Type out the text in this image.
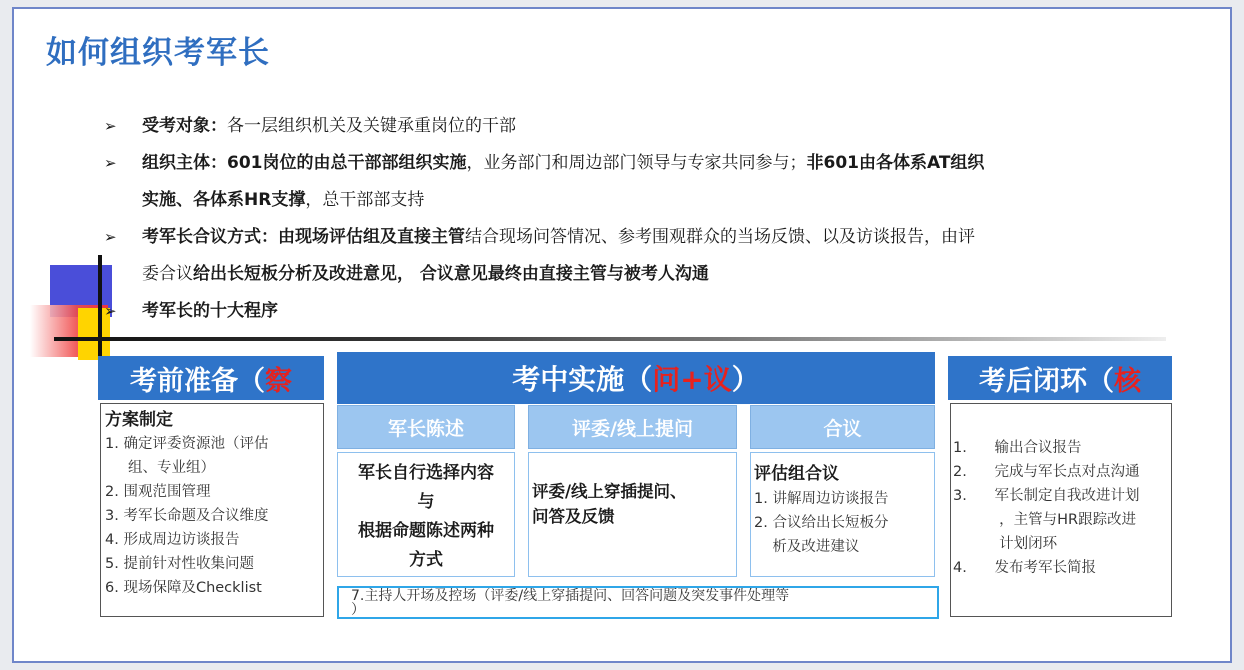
如何组织考军长
➢ 受考对象：各一层组织机关及关键承重岗位的干部
➢ 组织主体：601岗位的由总干部部组织实施，业务部门和周边部门领导与专家共同参与；非601由各体系AT组织
实施、各体系HR支撑，总干部部支持
➢ 考军长合议方式：由现场评估组及直接主管结合现场问答情况、参考围观群众的当场反馈、以及访谈报告，由评
委合议给出长短板分析及改进意见， 合议意见最终由直接主管与被考人沟通
➢ 考军长的十大程序
考前准备（ 察	考中实施（ 问+议 ）	考后闭环（ 核
军长陈述	评委/线上提问	合议
方案制定
1. 确定评委资源池（评估
组、专业组）
2. 围观范围管理
3. 考军长命题及合议维度
4. 形成周边访谈报告
5. 提前针对性收集问题
6. 现场保障及Checklist
军长自行选择内容
与
根据命题陈述两种
方式
评委/线上穿插提问、
问答及反馈
评估组合议
1. 讲解周边访谈报告
2. 合议给出长短板分
析及改进建议
7.主持人开场及控场（评委/线上穿插提问、回答问题及突发事件处理等
）
1.      输出合议报告
2.      完成与军长点对点沟通
3.      军长制定自我改进计划
，主管与HR跟踪改进
计划闭环
4.      发布考军长简报
